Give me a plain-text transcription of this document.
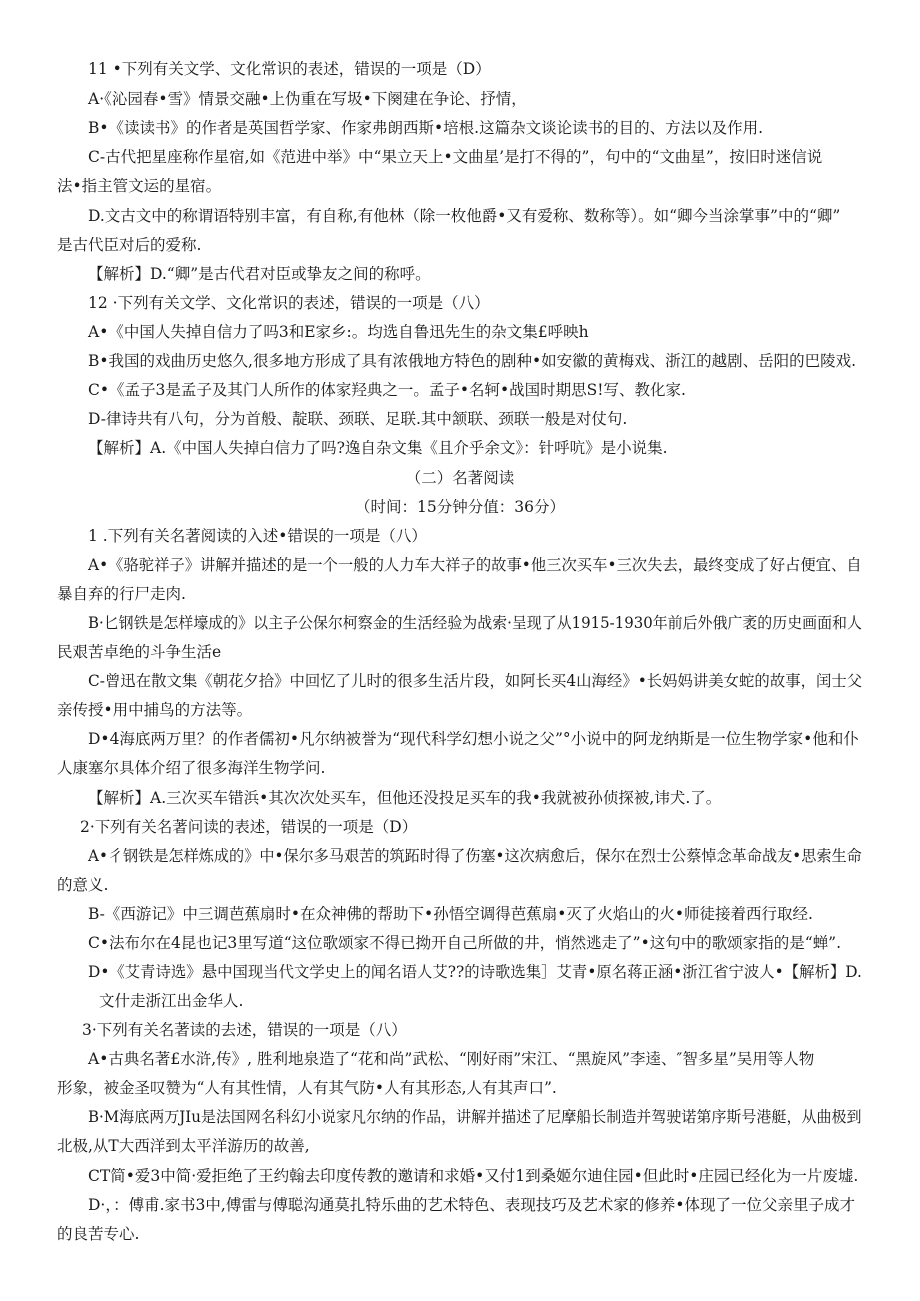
11 •下列有关文学、文化常识的表述，错误的一项是（D）
A·《沁园春•雪》情景交融•上伪重在写圾•下阕建在争论、抒情，
B•《读读书》的作者是英国哲学家、作家弗朗西斯•培根.这篇杂文谈论读书的目的、方法以及作用.
C-古代把星座称作星宿,如《范进中举》中“果立天上•文曲星’是打不得的”，句中的“文曲星”，按旧时迷信说
法•指主管文运的星宿。
D.文古文中的称谓语特别丰富，有自称,有他林（除一枚他爵•又有爱称、数称等）。如“卿今当涂掌事”中的“卿”
是古代臣对后的爱称.
【解析】D.“卿”是古代君对臣或挚友之间的称呼。
12 ·下列有关文学、文化常识的表述，错误的一项是（八）
A•《中国人失掉自信力了吗3和E家乡:。均选自鲁迅先生的杂文集£呼映h
B•我国的戏曲历史悠久,很多地方形成了具有浓俄地方特色的剧种•如安徽的黄梅戏、浙江的越剧、岳阳的巴陵戏.
C•《孟子3是孟子及其门人所作的体家羟典之一。孟子•名轲•战国时期思S!写、教化家.
D-律诗共有八句，分为首般、靛联、颈联、足联.其中颔联、颈联一般是对仗句.
【解析】A.《中国人失掉白信力了吗?逸自杂文集《且介乎余文》：针呼吭》是小说集.
（二）名著阅读
（时间：15分钟分值：36分）
1 .下列有关名著阅读的入述•错误的一项是（八）
A•《骆驼祥子》讲解并描述的是一个一般的人力车大祥子的故事•他三次买车•三次失去，最终变成了好占便宜、自
暴自弃的行尸走肉.
B·匕钢铁是怎样壕成的》以主子公保尔柯察金的生活经验为战索·呈现了从1915-1930年前后外俄广袤的历史画面和人
民艰苦卓绝的斗争生活e
C-曾迅在散文集《朝花夕拾》中回忆了儿时的很多生活片段，如阿长买4山海经》•长妈妈讲美女蛇的故事，闰士父
亲传授•用中捕鸟的方法等。
D•4海底两万里？的作者儒初•凡尔纳被誉为“现代科学幻想小说之父”°小说中的阿龙纳斯是一位生物学家•他和仆
人康塞尔具体介绍了很多海洋生物学问.
【解析】A.三次买车错浜•其次次处买车，但他还没投足买车的我•我就被孙侦探被,讳犬.了。
2·下列有关名著问读的表述，错误的一项是（D）
A•彳钢铁是怎样炼成的》中•保尔多马艰苦的筑跖时得了伤塞•这次病愈后，保尔在烈士公蔡悼念革命战友•思索生命
的意义.
B-《西游记》中三调芭蕉扇时•在众神佛的帮助下•孙悟空调得芭蕉扇•灭了火焰山的火•师徒接着西行取经.
C•法布尔在4昆也记3里写道“这位歌颂家不得已拗开自己所做的井，悄然逃走了”•这句中的歌颂家指的是“蝉”.
D•《艾青诗选》悬中国现当代文学史上的闻名语人艾??的诗歌选集］艾青•原名蒋正涵•浙江省宁波人•【解析】D.
文什走浙江出金华人.
3·下列有关名著读的去述，错误的一项是（八）
A•古典名著£水浒,传》, 胜利地泉造了“花和尚”武松、“刚好雨”宋江、“黑旋风”李逵、″智多星”吴用等人物
形象，被金圣叹赞为“人有其性情，人有其气防•人有其形态,人有其声口”.
B·M海底两万JIu是法国网名科幻小说家凡尔纳的作品，讲解并描述了尼摩船长制造并驾驶诺第序斯号港艇，从曲极到
北极,从T大西洋到太平洋游历的故善,
CT简•爱3中简·爱拒绝了王约翰去印度传教的邀请和求婚•又付1到桑姬尔迪住园•但此时•庄园已经化为一片废墟.
D·，：傅甫.家书3中,傅雷与傅聪沟通莫扎特乐曲的艺术特色、表现技巧及艺术家的修养•体现了一位父亲里子成才
的良苦专心.
